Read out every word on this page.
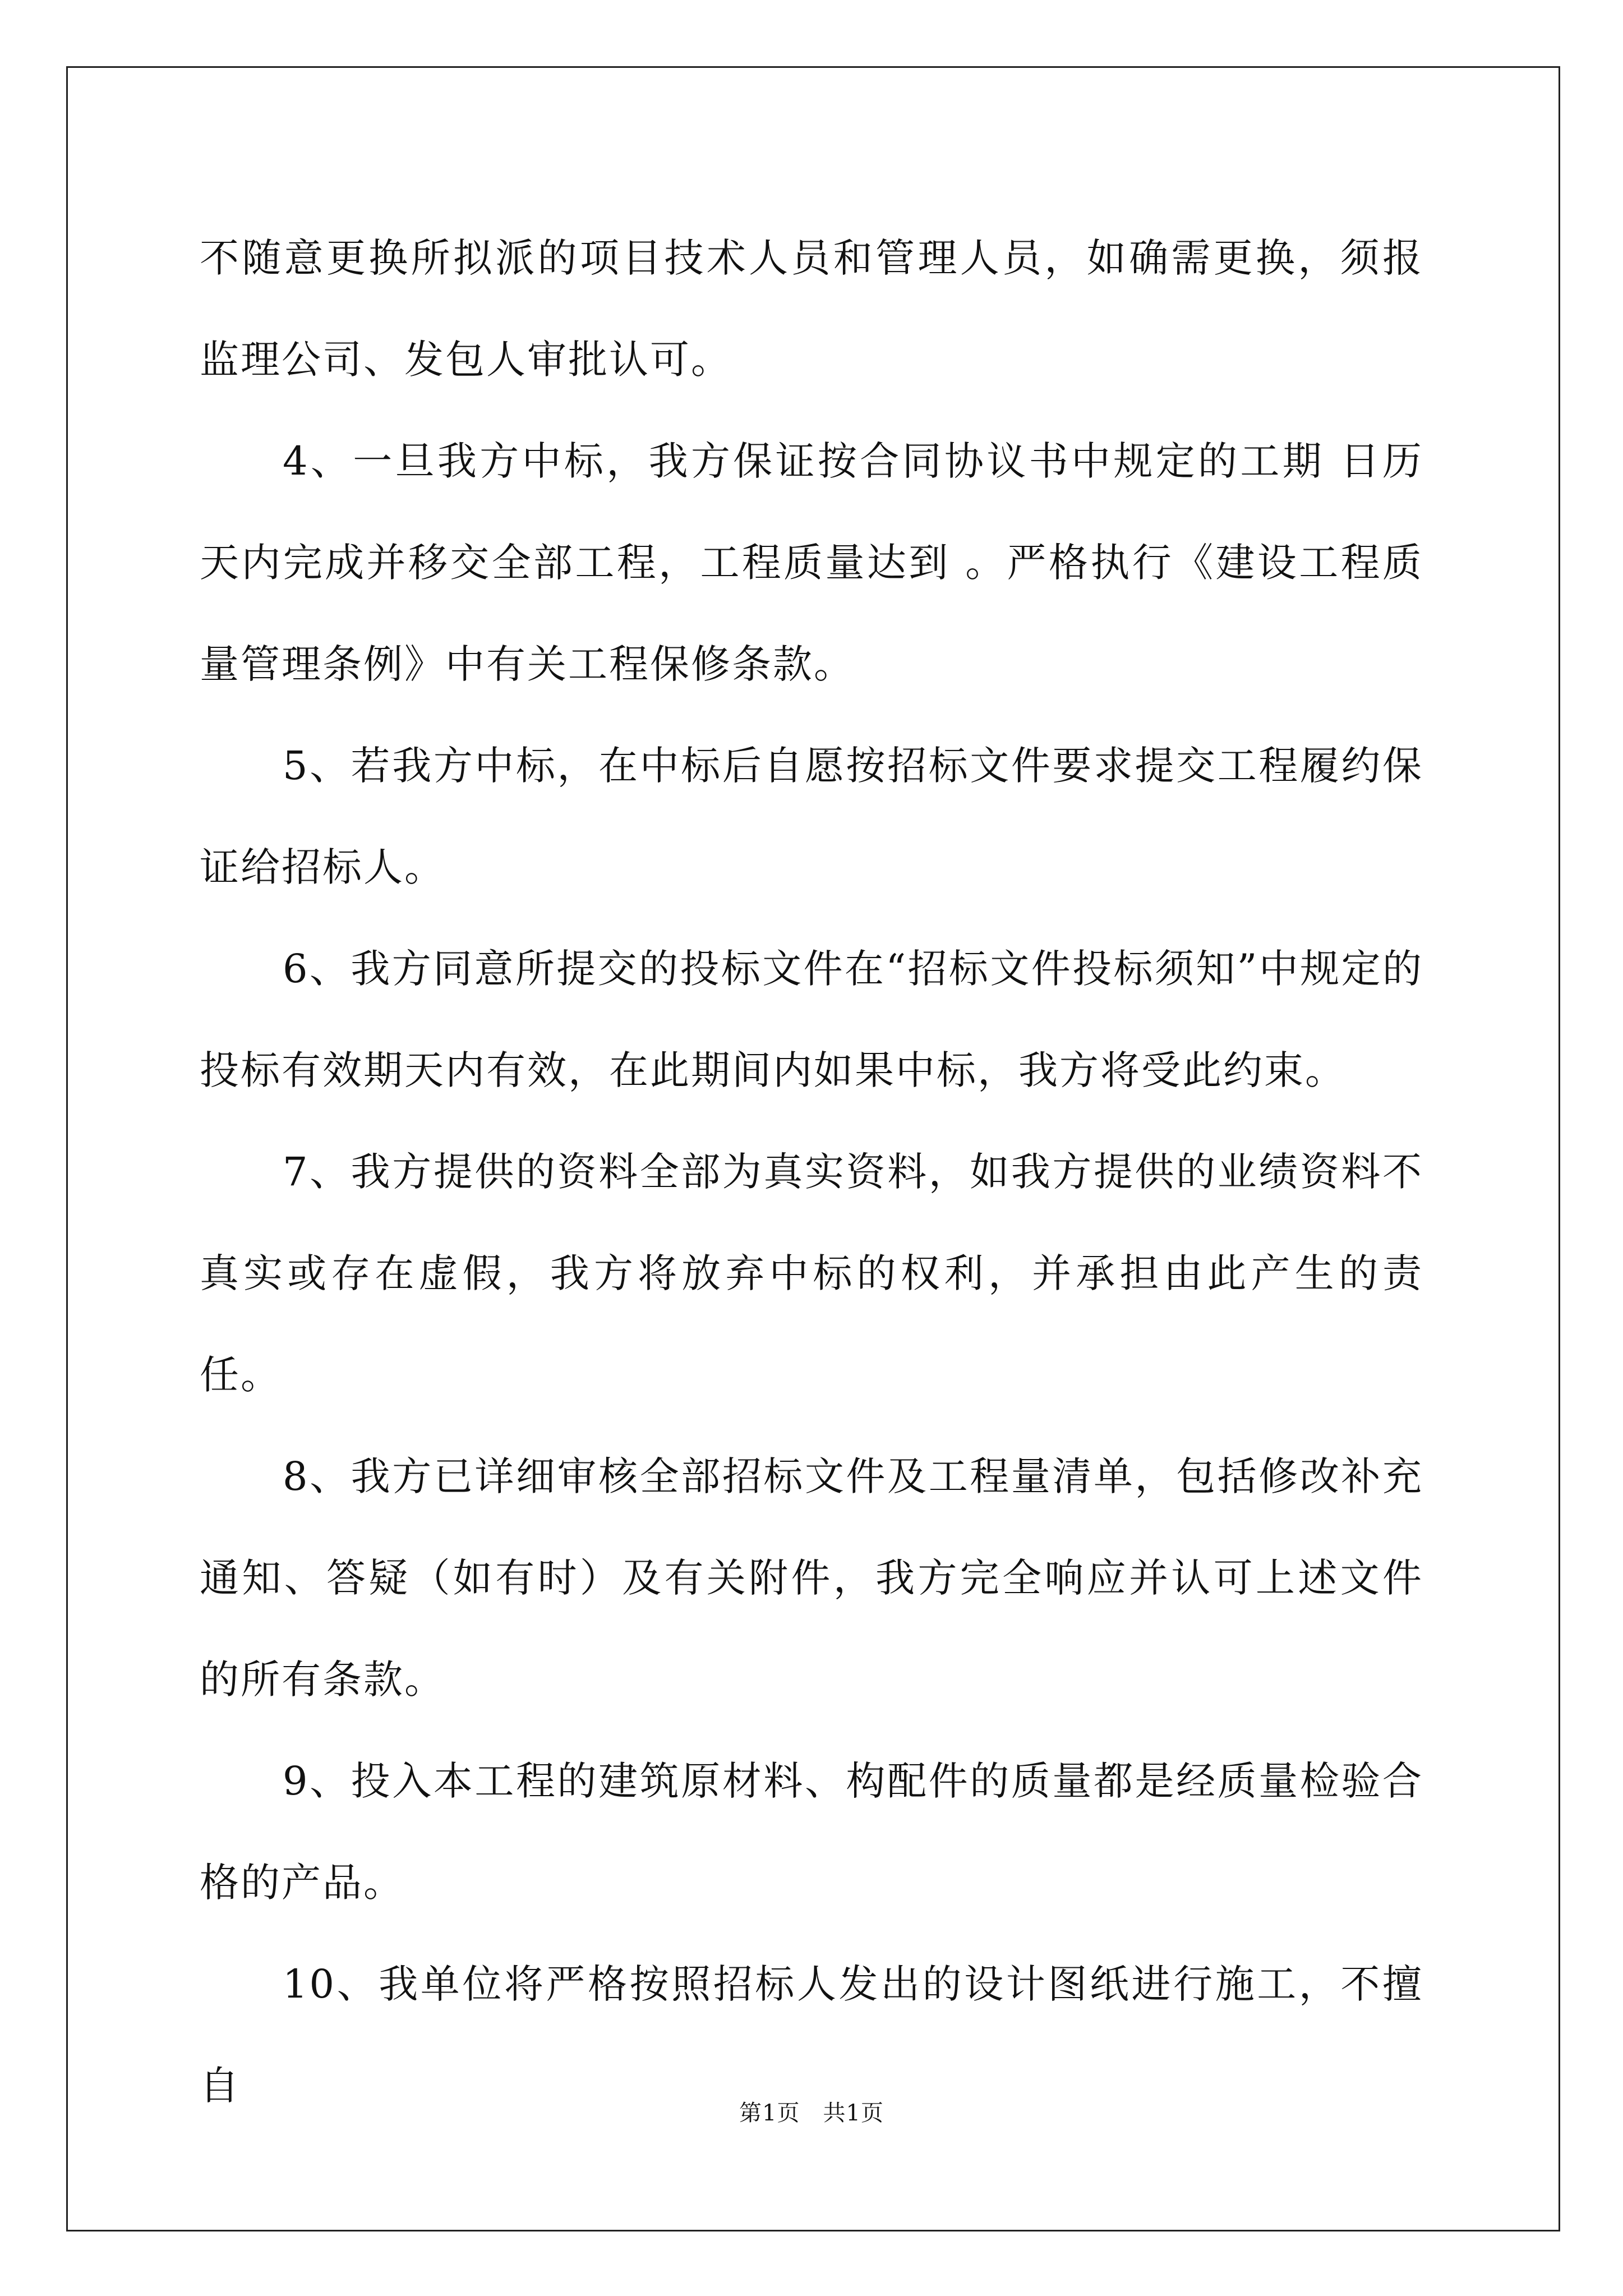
不随意更换所拟派的项目技术人员和管理人员，如确需更换，须报监理公司、发包人审批认可。

4、一旦我方中标，我方保证按合同协议书中规定的工期 日历天内完成并移交全部工程，工程质量达到 。严格执行《建设工程质量管理条例》中有关工程保修条款。

5、若我方中标，在中标后自愿按招标文件要求提交工程履约保证给招标人。

6、我方同意所提交的投标文件在“招标文件投标须知”中规定的投标有效期天内有效，在此期间内如果中标，我方将受此约束。

7、我方提供的资料全部为真实资料，如我方提供的业绩资料不真实或存在虚假，我方将放弃中标的权利，并承担由此产生的责任。

8、我方已详细审核全部招标文件及工程量清单，包括修改补充通知、答疑（如有时）及有关附件，我方完全响应并认可上述文件的所有条款。

9、投入本工程的建筑原材料、构配件的质量都是经质量检验合格的产品。

10、我单位将严格按照招标人发出的设计图纸进行施工，不擅自

第1页　共1页
